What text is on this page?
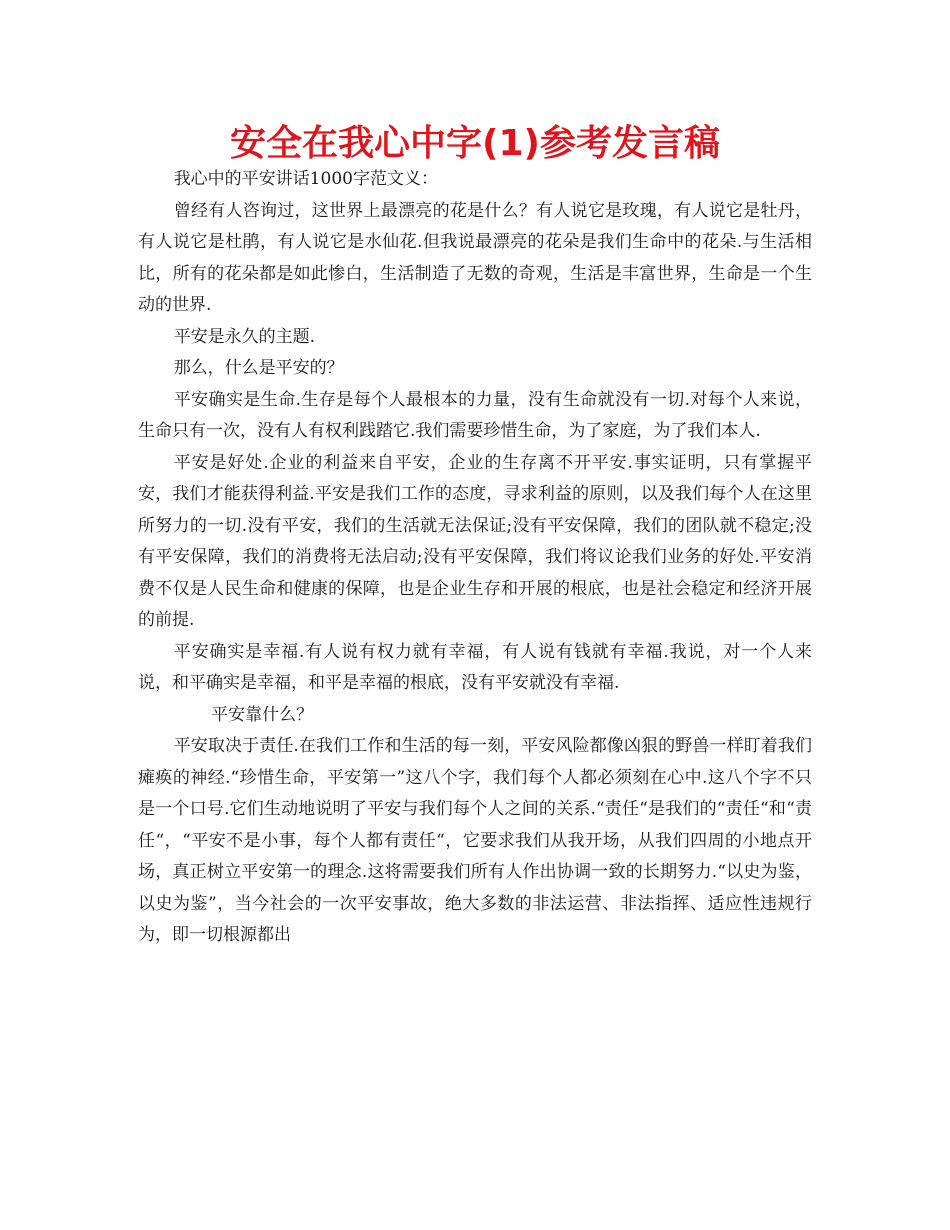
安全在我心中字(1)参考发言稿

我心中的平安讲话1000字范文义：

曾经有人咨询过，这世界上最漂亮的花是什么？有人说它是玫瑰，有人说它是牡丹，有人说它是杜鹃，有人说它是水仙花.但我说最漂亮的花朵是我们生命中的花朵.与生活相比，所有的花朵都是如此惨白，生活制造了无数的奇观，生活是丰富世界，生命是一个生动的世界.

平安是永久的主题.

那么，什么是平安的？

平安确实是生命.生存是每个人最根本的力量，没有生命就没有一切.对每个人来说，生命只有一次，没有人有权利践踏它.我们需要珍惜生命，为了家庭，为了我们本人.

平安是好处.企业的利益来自平安，企业的生存离不开平安.事实证明，只有掌握平安，我们才能获得利益.平安是我们工作的态度，寻求利益的原则，以及我们每个人在这里所努力的一切.没有平安，我们的生活就无法保证;没有平安保障，我们的团队就不稳定;没有平安保障，我们的消费将无法启动;没有平安保障，我们将议论我们业务的好处.平安消费不仅是人民生命和健康的保障，也是企业生存和开展的根底，也是社会稳定和经济开展的前提.

平安确实是幸福.有人说有权力就有幸福，有人说有钱就有幸福.我说，对一个人来说，和平确实是幸福，和平是幸福的根底，没有平安就没有幸福.

平安靠什么？

平安取决于责任.在我们工作和生活的每一刻，平安风险都像凶狠的野兽一样盯着我们瘫痪的神经.“珍惜生命，平安第一”这八个字，我们每个人都必须刻在心中.这八个字不只是一个口号.它们生动地说明了平安与我们每个人之间的关系.“责任“是我们的“责任“和“责任“，“平安不是小事，每个人都有责任“，它要求我们从我开场，从我们四周的小地点开场，真正树立平安第一的理念.这将需要我们所有人作出协调一致的长期努力.“以史为鉴，以史为鉴”，当今社会的一次平安事故，绝大多数的非法运营、非法指挥、适应性违规行为，即一切根源都出
